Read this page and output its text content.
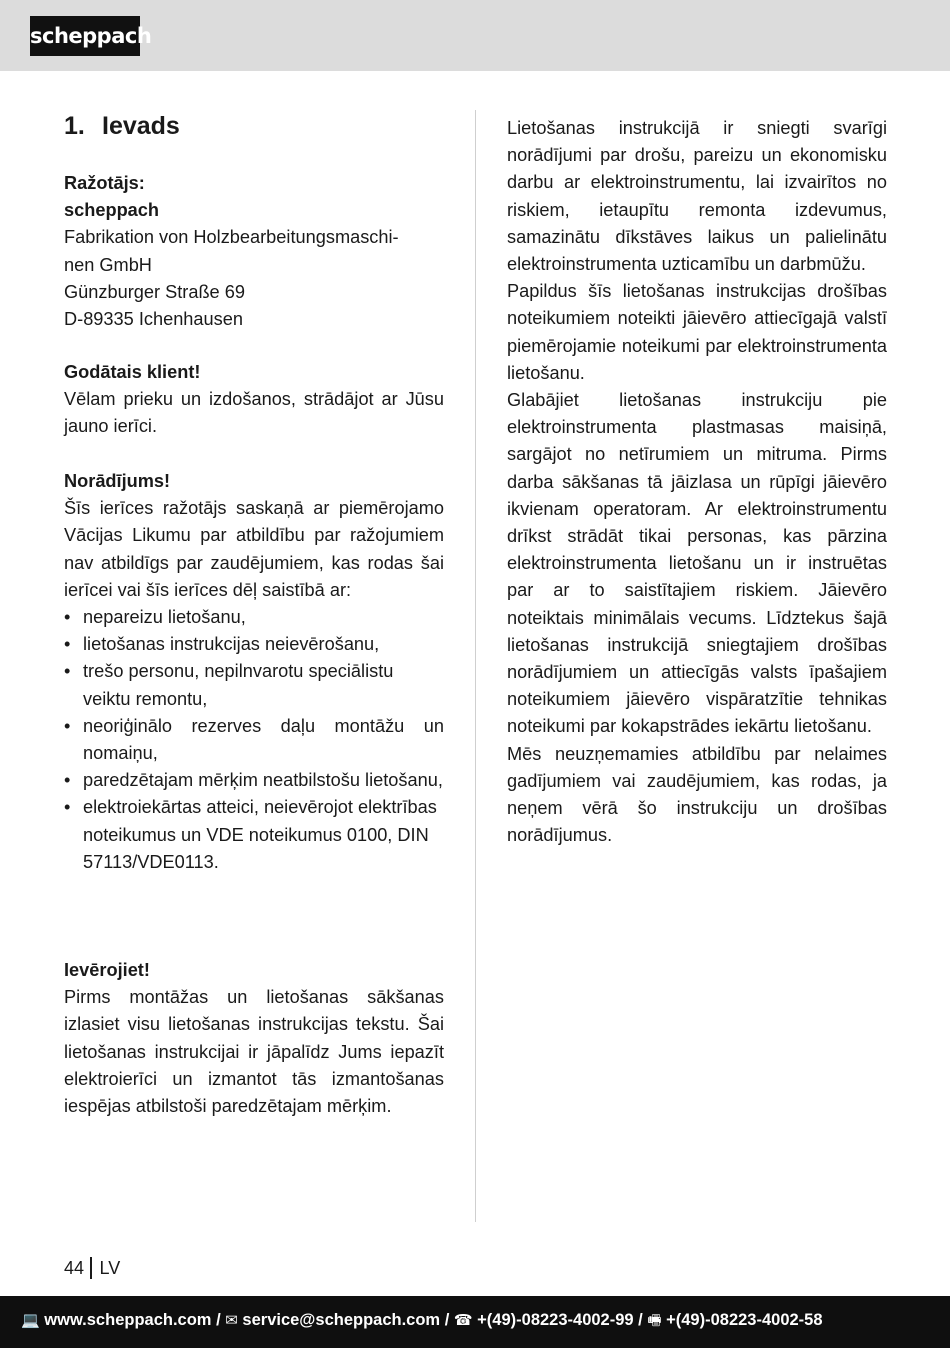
scheppach
1. Ievads

Ražotājs:

scheppach

Fabrikation von Holzbearbeitungsmaschi-

nen GmbH

Günzburger Straße 69

D-89335 Ichenhausen

Godātais klient!

Vēlam prieku un izdošanos, strādājot ar Jūsu jauno ierīci.

Norādījums!

Šīs ierīces ražotājs saskaņā ar piemērojamo Vācijas Likumu par atbildību par ražojumiem nav atbildīgs par zaudējumiem, kas rodas šai ierīcei vai šīs ierīces dēļ saistībā ar:

• nepareizu lietošanu,
• lietošanas instrukcijas neievērošanu,
• trešo personu, nepilnvarotu speciālistu veiktu remontu,
• neoriģinālo rezerves daļu montāžu un nomaiņu,
• paredzētajam mērķim neatbilstošu lietošanu,
• elektroiekārtas atteici, neievērojot elektrības noteikumus un VDE noteikumus 0100, DIN 57113/VDE0113.

Ievērojiet!

Pirms montāžas un lietošanas sākšanas izlasiet visu lietošanas instrukcijas tekstu. Šai lietošanas instrukcijai ir jāpalīdz Jums iepazīt elektroierīci un izmantot tās izmantošanas iespējas atbilstoši paredzētajam mērķim.

Lietošanas instrukcijā ir sniegti svarīgi norādījumi par drošu, pareizu un ekonomisku darbu ar elektroinstrumentu, lai izvairītos no riskiem, ietaupītu remonta izdevumus, samazinātu dīkstāves laikus un palielinātu elektroinstrumenta uzticamību un darbmūžu.

Papildus šīs lietošanas instrukcijas drošības noteikumiem noteikti jāievēro attiecīgajā valstī piemērojamie noteikumi par elektroinstrumenta lietošanu.

Glabājiet lietošanas instrukciju pie elektroinstrumenta plastmasas maisiņā, sargājot no netīrumiem un mitruma. Pirms darba sākšanas tā jāizlasa un rūpīgi jāievēro ikvienam operatoram. Ar elektroinstrumentu drīkst strādāt tikai personas, kas pārzina elektroinstrumenta lietošanu un ir instruētas par ar to saistītajiem riskiem. Jāievēro noteiktais minimālais vecums. Līdztekus šajā lietošanas instrukcijā sniegtajiem drošības norādījumiem un attiecīgās valsts īpašajiem noteikumiem jāievēro vispāratzītie tehnikas noteikumi par kokapstrādes iekārtu lietošanu.

Mēs neuzņemamies atbildību par nelaimes gadījumiem vai zaudējumiem, kas rodas, ja neņem vērā šo instrukciju un drošības norādījumus.

44 LV
💻 www.scheppach.com / ✉ service@scheppach.com / ☎ +(49)-08223-4002-99 / 🖷 +(49)-08223-4002-58
